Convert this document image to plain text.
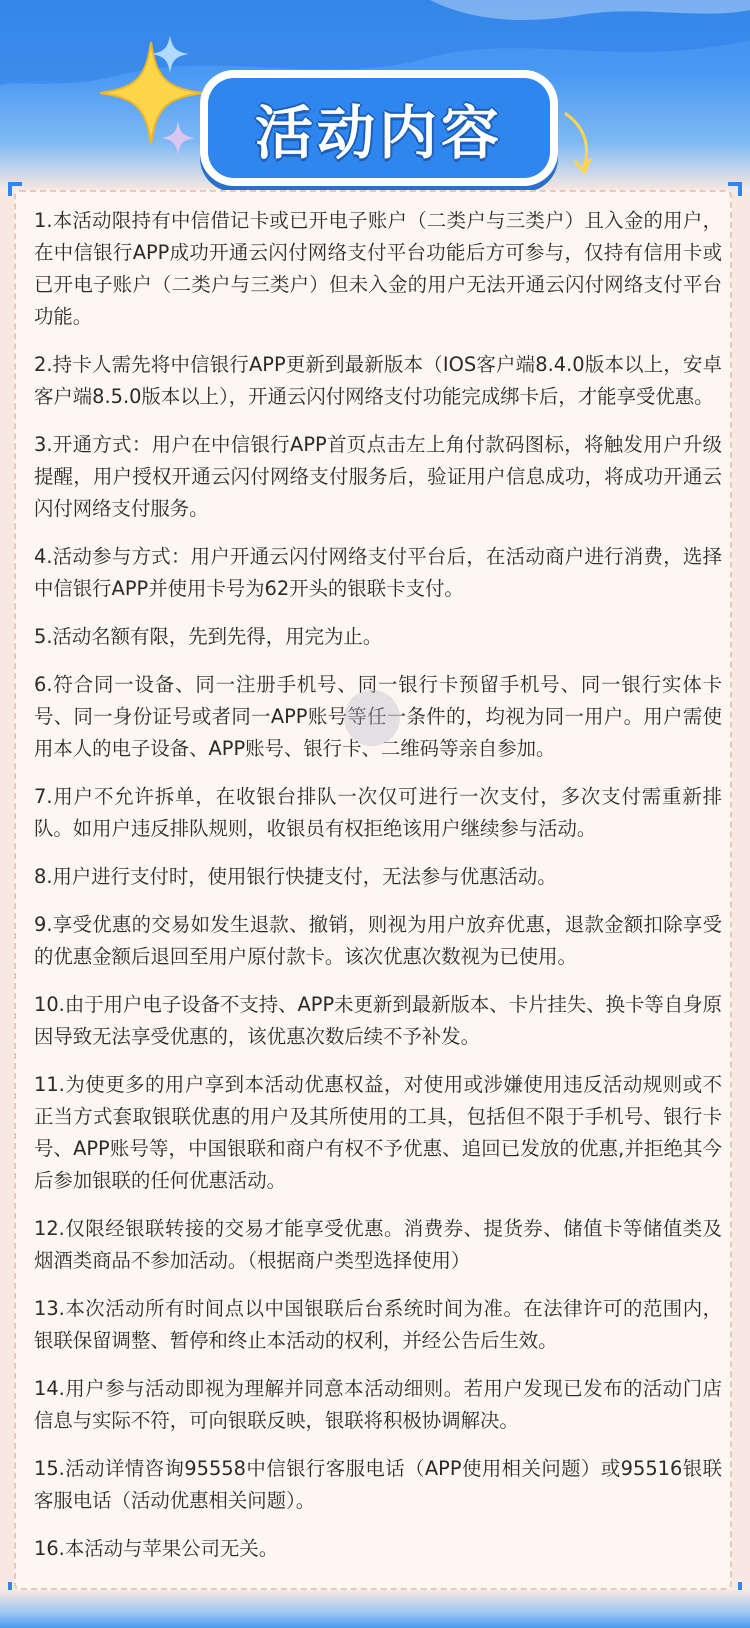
活动内容
1.本活动限持有中信借记卡或已开电子账户（二类户与三类户）且入金的用户，在中信银行APP成功开通云闪付网络支付平台功能后方可参与，仅持有信用卡或已开电子账户（二类户与三类户）但未入金的用户无法开通云闪付网络支付平台功能。
2.持卡人需先将中信银行APP更新到最新版本（IOS客户端8.4.0版本以上，安卓客户端8.5.0版本以上），开通云闪付网络支付功能完成绑卡后，才能享受优惠。
3.开通方式：用户在中信银行APP首页点击左上角付款码图标，将触发用户升级提醒，用户授权开通云闪付网络支付服务后，验证用户信息成功，将成功开通云闪付网络支付服务。
4.活动参与方式：用户开通云闪付网络支付平台后，在活动商户进行消费，选择中信银行APP并使用卡号为62开头的银联卡支付。
5.活动名额有限，先到先得，用完为止。
6.符合同一设备、同一注册手机号、同一银行卡预留手机号、同一银行实体卡号、同一身份证号或者同一APP账号等任一条件的，均视为同一用户。用户需使用本人的电子设备、APP账号、银行卡、二维码等亲自参加。
7.用户不允许拆单，在收银台排队一次仅可进行一次支付，多次支付需重新排队。如用户违反排队规则，收银员有权拒绝该用户继续参与活动。
8.用户进行支付时，使用银行快捷支付，无法参与优惠活动。
9.享受优惠的交易如发生退款、撤销，则视为用户放弃优惠，退款金额扣除享受的优惠金额后退回至用户原付款卡。该次优惠次数视为已使用。
10.由于用户电子设备不支持、APP未更新到最新版本、卡片挂失、换卡等自身原因导致无法享受优惠的，该优惠次数后续不予补发。
11.为使更多的用户享到本活动优惠权益，对使用或涉嫌使用违反活动规则或不正当方式套取银联优惠的用户及其所使用的工具，包括但不限于手机号、银行卡号、APP账号等，中国银联和商户有权不予优惠、追回已发放的优惠,并拒绝其今后参加银联的任何优惠活动。
12.仅限经银联转接的交易才能享受优惠。消费券、提货券、储值卡等储值类及烟酒类商品不参加活动。（根据商户类型选择使用）
13.本次活动所有时间点以中国银联后台系统时间为准。在法律许可的范围内，银联保留调整、暂停和终止本活动的权利，并经公告后生效。
14.用户参与活动即视为理解并同意本活动细则。若用户发现已发布的活动门店信息与实际不符，可向银联反映，银联将积极协调解决。
15.活动详情咨询95558中信银行客服电话（APP使用相关问题）或95516银联客服电话（活动优惠相关问题）。
16.本活动与苹果公司无关。
